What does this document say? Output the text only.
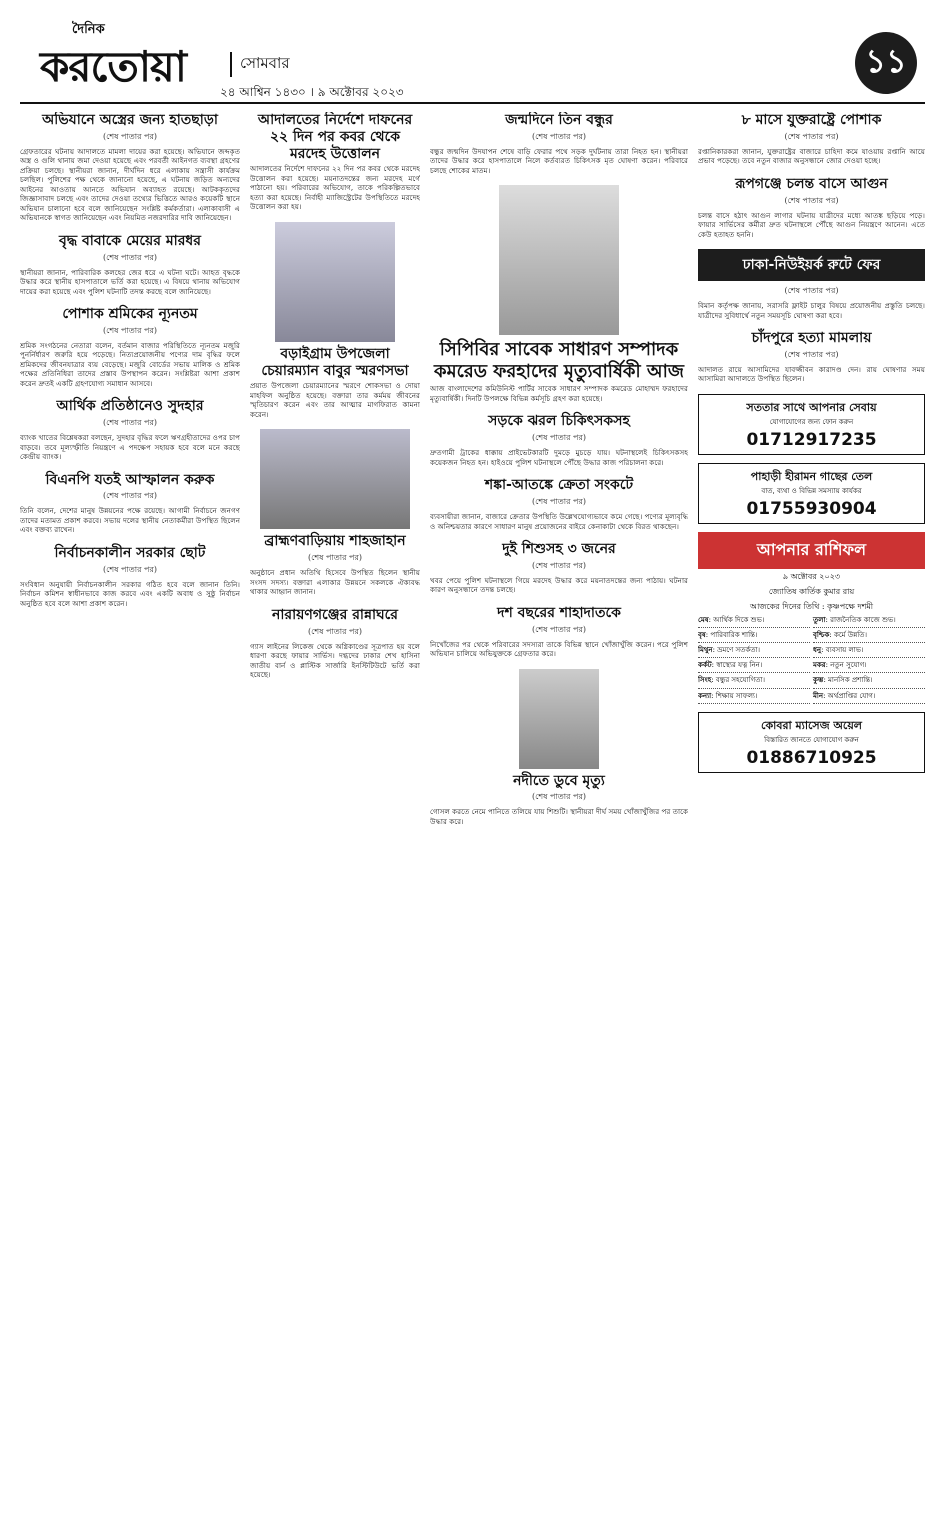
দৈনিক
করতোয়া	সোমবার
২৪ আশ্বিন ১৪৩০ । ৯ অক্টোবর ২০২৩
১১
অভিযানে অস্ত্রের জন্য হাতছাড়া
(শেষ পাতার পর)
গ্রেফতারের ঘটনায় আদালতে মামলা দায়ের করা হয়েছে। অভিযানে জব্দকৃত অস্ত্র ও গুলি থানায় জমা দেওয়া হয়েছে এবং পরবর্তী আইনগত ব্যবস্থা গ্রহণের প্রক্রিয়া চলছে। স্থানীয়রা জানান, দীর্ঘদিন ধরে এলাকায় সন্ত্রাসী কার্যক্রম চলছিল। পুলিশের পক্ষ থেকে জানানো হয়েছে, এ ঘটনায় জড়িত অন্যদের আইনের আওতায় আনতে অভিযান অব্যাহত রয়েছে। আটককৃতদের জিজ্ঞাসাবাদ চলছে এবং তাদের দেওয়া তথ্যের ভিত্তিতে আরও কয়েকটি স্থানে অভিযান চালানো হবে বলে জানিয়েছেন সংশ্লিষ্ট কর্মকর্তারা। এলাকাবাসী এ অভিযানকে স্বাগত জানিয়েছেন এবং নিয়মিত নজরদারির দাবি জানিয়েছেন।
বৃদ্ধ বাবাকে মেয়ের মারধর
(শেষ পাতার পর)
স্থানীয়রা জানান, পারিবারিক কলহের জের ধরে এ ঘটনা ঘটে। আহত বৃদ্ধকে উদ্ধার করে স্থানীয় হাসপাতালে ভর্তি করা হয়েছে। এ বিষয়ে থানায় অভিযোগ দায়ের করা হয়েছে এবং পুলিশ ঘটনাটি তদন্ত করছে বলে জানিয়েছে।
পোশাক শ্রমিকের ন্যূনতম
(শেষ পাতার পর)
শ্রমিক সংগঠনের নেতারা বলেন, বর্তমান বাজার পরিস্থিতিতে ন্যূনতম মজুরি পুনর্নির্ধারণ জরুরি হয়ে পড়েছে। নিত্যপ্রয়োজনীয় পণ্যের দাম বৃদ্ধির ফলে শ্রমিকদের জীবনযাত্রার ব্যয় বেড়েছে। মজুরি বোর্ডের সভায় মালিক ও শ্রমিক পক্ষের প্রতিনিধিরা তাদের প্রস্তাব উপস্থাপন করেন। সংশ্লিষ্টরা আশা প্রকাশ করেন দ্রুতই একটি গ্রহণযোগ্য সমাধান আসবে।
আর্থিক প্রতিষ্ঠানেও সুদহার
(শেষ পাতার পর)
ব্যাংক খাতের বিশ্লেষকরা বলছেন, সুদহার বৃদ্ধির ফলে ঋণগ্রহীতাদের ওপর চাপ বাড়বে। তবে মূল্যস্ফীতি নিয়ন্ত্রণে এ পদক্ষেপ সহায়ক হবে বলে মনে করছে কেন্দ্রীয় ব্যাংক।
বিএনপি যতই আস্ফালন করুক
(শেষ পাতার পর)
তিনি বলেন, দেশের মানুষ উন্নয়নের পক্ষে রয়েছে। আগামী নির্বাচনে জনগণ তাদের মতামত প্রকাশ করবে। সভায় দলের স্থানীয় নেতাকর্মীরা উপস্থিত ছিলেন এবং বক্তব্য রাখেন।
নির্বাচনকালীন সরকার ছোট
(শেষ পাতার পর)
সংবিধান অনুযায়ী নির্বাচনকালীন সরকার গঠিত হবে বলে জানান তিনি। নির্বাচন কমিশন স্বাধীনভাবে কাজ করবে এবং একটি অবাধ ও সুষ্ঠু নির্বাচন অনুষ্ঠিত হবে বলে আশা প্রকাশ করেন।
আদালতের নির্দেশে দাফনের ২২ দিন পর কবর থেকে মরদেহ উত্তোলন
আদালতের নির্দেশে দাফনের ২২ দিন পর কবর থেকে মরদেহ উত্তোলন করা হয়েছে। ময়নাতদন্তের জন্য মরদেহ মর্গে পাঠানো হয়। পরিবারের অভিযোগ, তাকে পরিকল্পিতভাবে হত্যা করা হয়েছে। নির্বাহী ম্যাজিস্ট্রেটের উপস্থিতিতে মরদেহ উত্তোলন করা হয়।
বড়াইগ্রাম উপজেলা চেয়ারম্যান বাবুর স্মরণসভা
প্রয়াত উপজেলা চেয়ারম্যানের স্মরণে শোকসভা ও দোয়া মাহফিল অনুষ্ঠিত হয়েছে। বক্তারা তার কর্মময় জীবনের স্মৃতিচারণ করেন এবং তার আত্মার মাগফিরাত কামনা করেন।
ব্রাহ্মণবাড়িয়ায় শাহজাহান
(শেষ পাতার পর)
অনুষ্ঠানে প্রধান অতিথি হিসেবে উপস্থিত ছিলেন স্থানীয় সংসদ সদস্য। বক্তারা এলাকার উন্নয়নে সকলকে ঐক্যবদ্ধ থাকার আহ্বান জানান।
নারায়ণগঞ্জের রান্নাঘরে
(শেষ পাতার পর)
গ্যাস লাইনের লিকেজ থেকে অগ্নিকাণ্ডের সূত্রপাত হয় বলে ধারণা করছে ফায়ার সার্ভিস। দগ্ধদের ঢাকার শেখ হাসিনা জাতীয় বার্ন ও প্লাস্টিক সার্জারি ইনস্টিটিউটে ভর্তি করা হয়েছে।
জন্মদিনে তিন বন্ধুর
(শেষ পাতার পর)
বন্ধুর জন্মদিন উদযাপন শেষে বাড়ি ফেরার পথে সড়ক দুর্ঘটনায় তারা নিহত হন। স্থানীয়রা তাদের উদ্ধার করে হাসপাতালে নিলে কর্তব্যরত চিকিৎসক মৃত ঘোষণা করেন। পরিবারে চলছে শোকের মাতম।
সিপিবির সাবেক সাধারণ সম্পাদক কমরেড ফরহাদের মৃত্যুবার্ষিকী আজ
আজ বাংলাদেশের কমিউনিস্ট পার্টির সাবেক সাধারণ সম্পাদক কমরেড মোহাম্মদ ফরহাদের মৃত্যুবার্ষিকী। দিনটি উপলক্ষে বিভিন্ন কর্মসূচি গ্রহণ করা হয়েছে।
সড়কে ঝরল চিকিৎসকসহ
(শেষ পাতার পর)
দ্রুতগামী ট্রাকের ধাক্কায় প্রাইভেটকারটি দুমড়ে মুচড়ে যায়। ঘটনাস্থলেই চিকিৎসকসহ কয়েকজন নিহত হন। হাইওয়ে পুলিশ ঘটনাস্থলে পৌঁছে উদ্ধার কাজ পরিচালনা করে।
শঙ্কা-আতঙ্কে ক্রেতা সংকটে
(শেষ পাতার পর)
ব্যবসায়ীরা জানান, বাজারে ক্রেতার উপস্থিতি উল্লেখযোগ্যভাবে কমে গেছে। পণ্যের মূল্যবৃদ্ধি ও অনিশ্চয়তার কারণে সাধারণ মানুষ প্রয়োজনের বাইরে কেনাকাটা থেকে বিরত থাকছেন।
দুই শিশুসহ ৩ জনের
(শেষ পাতার পর)
খবর পেয়ে পুলিশ ঘটনাস্থলে গিয়ে মরদেহ উদ্ধার করে ময়নাতদন্তের জন্য পাঠায়। ঘটনার কারণ অনুসন্ধানে তদন্ত চলছে।
দশ বছরের শাহাদাতকে
(শেষ পাতার পর)
নিখোঁজের পর থেকে পরিবারের সদস্যরা তাকে বিভিন্ন স্থানে খোঁজাখুঁজি করেন। পরে পুলিশ অভিযান চালিয়ে অভিযুক্তকে গ্রেফতার করে।
নদীতে ডুবে মৃত্যু
(শেষ পাতার পর)
গোসল করতে নেমে পানিতে তলিয়ে যায় শিশুটি। স্থানীয়রা দীর্ঘ সময় খোঁজাখুঁজির পর তাকে উদ্ধার করে।
৮ মাসে যুক্তরাষ্ট্রে পোশাক
(শেষ পাতার পর)
রপ্তানিকারকরা জানান, যুক্তরাষ্ট্রের বাজারে চাহিদা কমে যাওয়ায় রপ্তানি আয়ে প্রভাব পড়েছে। তবে নতুন বাজার অনুসন্ধানে জোর দেওয়া হচ্ছে।
রূপগঞ্জে চলন্ত বাসে আগুন
(শেষ পাতার পর)
চলন্ত বাসে হঠাৎ আগুন লাগার ঘটনায় যাত্রীদের মধ্যে আতঙ্ক ছড়িয়ে পড়ে। ফায়ার সার্ভিসের কর্মীরা দ্রুত ঘটনাস্থলে পৌঁছে আগুন নিয়ন্ত্রণে আনেন। এতে কেউ হতাহত হননি।
ঢাকা-নিউইয়র্ক রুটে ফের
(শেষ পাতার পর)
বিমান কর্তৃপক্ষ জানায়, সরাসরি ফ্লাইট চালুর বিষয়ে প্রয়োজনীয় প্রস্তুতি চলছে। যাত্রীদের সুবিধার্থে নতুন সময়সূচি ঘোষণা করা হবে।
চাঁদপুরে হত্যা মামলায়
(শেষ পাতার পর)
আদালত রায়ে আসামিদের যাবজ্জীবন কারাদণ্ড দেন। রায় ঘোষণার সময় আসামিরা আদালতে উপস্থিত ছিলেন।
সততার সাথে আপনার সেবায়
যোগাযোগের জন্য ফোন করুন
01712917235
পাহাড়ী হীরামন গাছের তেল
বাত, ব্যথা ও বিভিন্ন সমস্যায় কার্যকর
01755930904
আপনার রাশিফল
৯ অক্টোবর ২০২৩
জ্যোতিষ কার্তিক কুমার রায়
আজকের দিনের তিথি : কৃষ্ণপক্ষে দশমী
মেষ: আর্থিক দিকে শুভ।	তুলা: রাজনৈতিক কাজে শুভ।
বৃষ: পারিবারিক শান্তি।	বৃশ্চিক: কর্মে উন্নতি।
মিথুন: ভ্রমণে সতর্কতা।	ধনু: ব্যবসায় লাভ।
কর্কট: স্বাস্থ্যের যত্ন নিন।	মকর: নতুন সুযোগ।
সিংহ: বন্ধুর সহযোগিতা।	কুম্ভ: মানসিক প্রশান্তি।
কন্যা: শিক্ষায় সাফল্য।	মীন: অর্থপ্রাপ্তির যোগ।
কোবরা ম্যাসেজ অয়েল
বিস্তারিত জানতে যোগাযোগ করুন
01886710925
